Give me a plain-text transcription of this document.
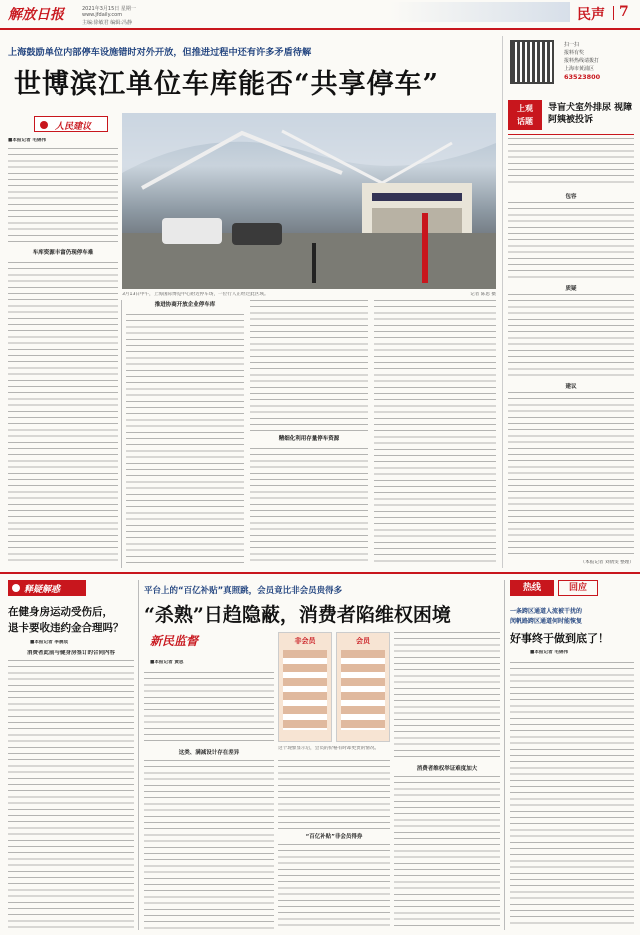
解放日报	2021年3月15日 星期一
www.jfdaily.com
主编:徐敏君 编辑:冯静	民声 7
上海鼓励单位内部停车设施错时对外开放，但推进过程中还有许多矛盾待解
世博滨江单位车库能否“共享停车”
人民建议
■本报记者 毛锦伟
3月13日中午，上海国际博览中心附近停车场，一位行人正经过此区域。	记者 陈思 摄
车库资源丰富仍现停车难
推进协商开放企业停车库
精细化利用存量停车资源
扫一扫
报料有奖
报料热线请拨打
上海市黄浦区
63523800
上观
话题
导盲犬室外排尿 视障阿姨被投诉
包容
质疑
建议
（本报记者 刘倩雯 整理）
释疑解惑
在健身房运动受伤后，
退卡要收违约金合理吗？
■本报记者 李晨琰
消费者此前与健身房签订的合同内容
平台上的“百亿补贴”真照跳，会员竟比非会员贵得多
“杀熟”日趋隐蔽，消费者陷维权困境
新民监督
■本报记者 黄思
这类、满减设计存在差异
非会员	会员
这个现象显示后，会员的价格有时却更贵的情况。
“百亿补贴”非会员得券
消费者维权举证难度加大
热线	回应
一条跨区通道人流被干扰的
闵帆路跨区通道何时能恢复
好事终于做到底了！
■本报记者 毛锦伟
